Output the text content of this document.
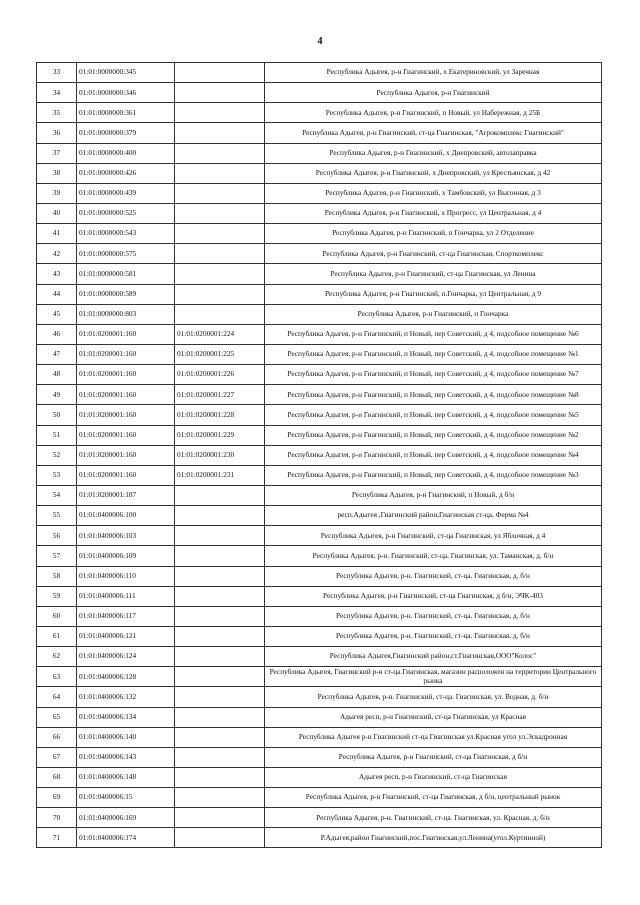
4
33	01:01:0000000:345		Республика Адыгея, р-н Гиагинский, х Екатериновский, ул Заречная
34	01:01:0000000:346		Республика Адыгея, р-н Гиагинский
35	01:01:0000000:361		Республика Адыгея, р-н Гиагинский, п Новый, ул Набережная, д 25Б
36	01:01:0000000:379		Республика Адыгея, р-н Гиагинский, ст-ца Гиагинская, "Агрокомплекс Гиагинский"
37	01:01:0000000:400		Республика Адыгея, р-н Гиагинский, х Днепровский, автозаправка
38	01:01:0000000:426		Республика Адыгея, р-н Гиагинский, х Днепровский, ул Крестьянская, д 42
39	01:01:0000000:439		Республика Адыгея, р-н Гиагинский, х Тамбовский, ул Выгонная, д 3
40	01:01:0000000:525		Республика Адыгея, р-н Гиагинский, х Прогресс, ул Центральная, д 4
41	01:01:0000000:543		Республика Адыгея, р-н Гиагинский, п Гончарка, ул 2 Отделение
42	01:01:0000000:575		Республика Адыгея, р-н Гиагинский, ст-ца Гиагинская, Спорткомплекс
43	01:01:0000000:581		Республика Адыгея, р-н Гиагинский, ст-ца Гиагинская, ул Ленина
44	01:01:0000000:589		Республика Адыгея, р-н Гиагинский, п.Гончарка, ул Центральная, д 9
45	01:01:0000000:803		Республика Адыгея, р-н Гиагинский, п Гончарка
46	01:01:0200001:160	01:01:0200001:224	Республика Адыгея, р-н Гиагинский, п Новый, пер Советский, д 4, подсобное помещение №6
47	01:01:0200001:160	01:01:0200001:225	Республика Адыгея, р-н Гиагинский, п Новый, пер Советский, д 4, подсобное помещение №1
48	01:01:0200001:160	01:01:0200001:226	Республика Адыгея, р-н Гиагинский, п Новый, пер Советский, д 4, подсобное помещение №7
49	01:01:0200001:160	01:01:0200001:227	Республика Адыгея, р-н Гиагинский, п Новый, пер Советский, д 4, подсобное помещение №8
50	01:01:0200001:160	01:01:0200001:228	Республика Адыгея, р-н Гиагинский, п Новый, пер Советский, д 4, подсобное помещение №5
51	01:01:0200001:160	01:01:0200001:229	Республика Адыгея, р-н Гиагинский, п Новый, пер Советский, д 4, подсобное помещение №2
52	01:01:0200001:160	01:01:0200001:230	Республика Адыгея, р-н Гиагинский, п Новый, пер Советский, д 4, подсобное помещение №4
53	01:01:0200001:160	01:01:0200001:231	Республика Адыгея, р-н Гиагинский, п Новый, пер Советский, д 4, подсобное помещение №3
54	01:01:0200001:187		Республика Адыгея, р-н Гиагинский, п Новый, д б/н
55	01:01:0400006:100		респ.Адыгея ,Гиагинский район,Гиагинская ст-ца, Ферма №4
56	01:01:0400006:103		Республика Адыгея, р-н Гиагинский, ст-ца Гиагинская, ул Яблочная, д 4
57	01:01:0400006:109		Республика Адыгея, р-н. Гиагинский, ст-ца. Гиагинская, ул. Таманская, д. б/н
58	01:01:0400006:110		Республика Адыгея, р-н. Гиагинский, ст-ца. Гиагинская, д. б/н
59	01:01:0400006:111		Республика Адыгея, р-н Гиагинский, ст-ца Гиагинская, д б/н, ЭЧК-403
60	01:01:0400006:117		Республика Адыгея, р-н. Гиагинский, ст-ца. Гиагинская, д. б/н
61	01:01:0400006:121		Республика Адыгея, р-н. Гиагинский, ст-ца. Гиагинская, д. б/н
62	01:01:0400006:124		Республика Адыгея,Гиагинский район,ст.Гиагинская,ООО"Колос"
63	01:01:0400006:128		Республика Адыгея, Гиагинский р-н ст-ца.Гиагинская, магазин расположен на территории Центрального рынка
64	01:01:0400006:132		Республика Адыгея, р-н. Гиагинский, ст-ца. Гиагинская, ул. Водная, д. б/н
65	01:01:0400006:134		Адыгея респ, р-н Гиагинский, ст-ца Гиагинская, ул Красная
66	01:01:0400006:140		Республика Адыгея р-н Гиагинский ст-ца Гиагинская ул.Красная угол ул.Эскадронная
67	01:01:0400006:143		Республика Адыгея, р-н Гиагинский, ст-ца Гиагинская, д б/н
68	01:01:0400006:148		Адыгея респ, р-н Гиагинский, ст-ца Гиагинская
69	01:01:0400006:15		Республика Адыгея, р-н Гиагинский, ст-ца Гиагинская, д б/н, центральный рынок
70	01:01:0400006:169		Республика Адыгея, р-н. Гиагинский, ст-ца. Гиагинская, ул. Красная, д. б/н
71	01:01:0400006:174		Р.Адыгея,район Гиагинский,пос.Гиагинская,ул.Ленина(угол.Куртинной)
